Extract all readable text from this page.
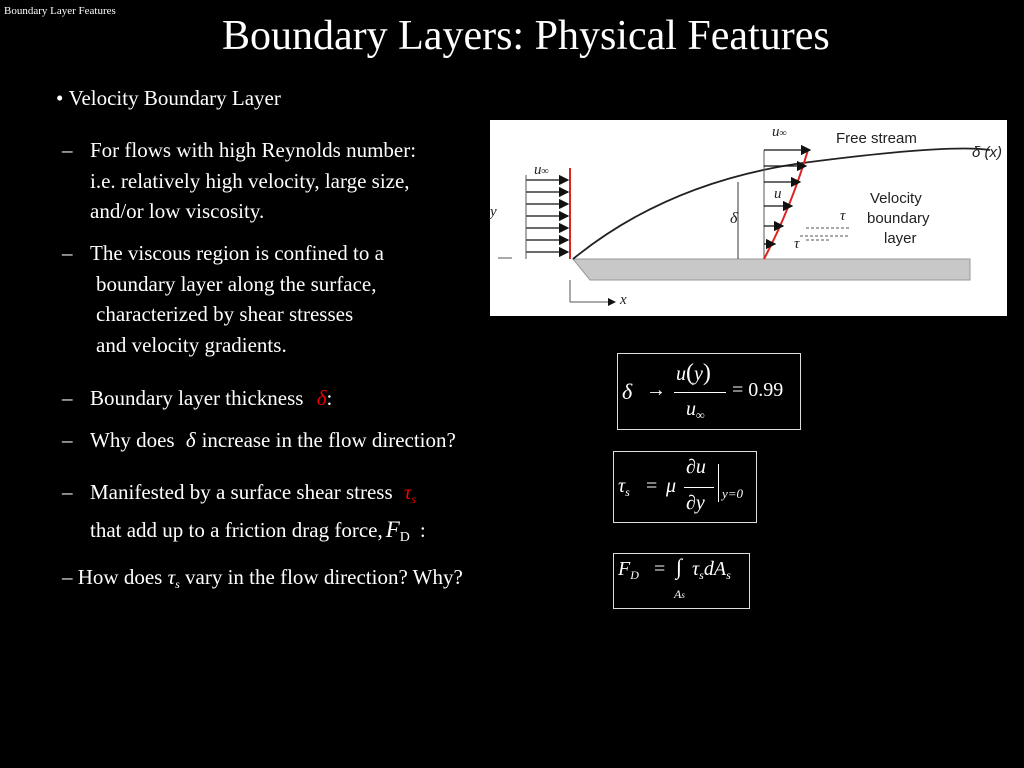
Boundary Layer Features
Boundary Layers: Physical Features
• Velocity Boundary Layer
– For flows with high Reynolds number:
i.e. relatively high velocity, large size,
and/or low viscosity.
– The viscous region is confined to a
boundary layer along the surface,
characterized by shear stresses
and velocity gradients.
– Boundary layer thickness δ:
– Why does δ increase in the flow direction?
– Manifested by a surface shear stress $\tau_s$
that add up to a friction drag force, $F_D$ :
– How does $\tau_s$ vary in the flow direction? Why?
δ →
u(y)
$u_\infty$
= 0.99
$\tau_s = \mu$
∂u
∂y y=0
$F_D$ = ∫ $\tau_sdA_s$
As
Free stream
δ (x)
Velocity
boundary
layer
u∞
u∞
u
δ	τ
τ
y
x
